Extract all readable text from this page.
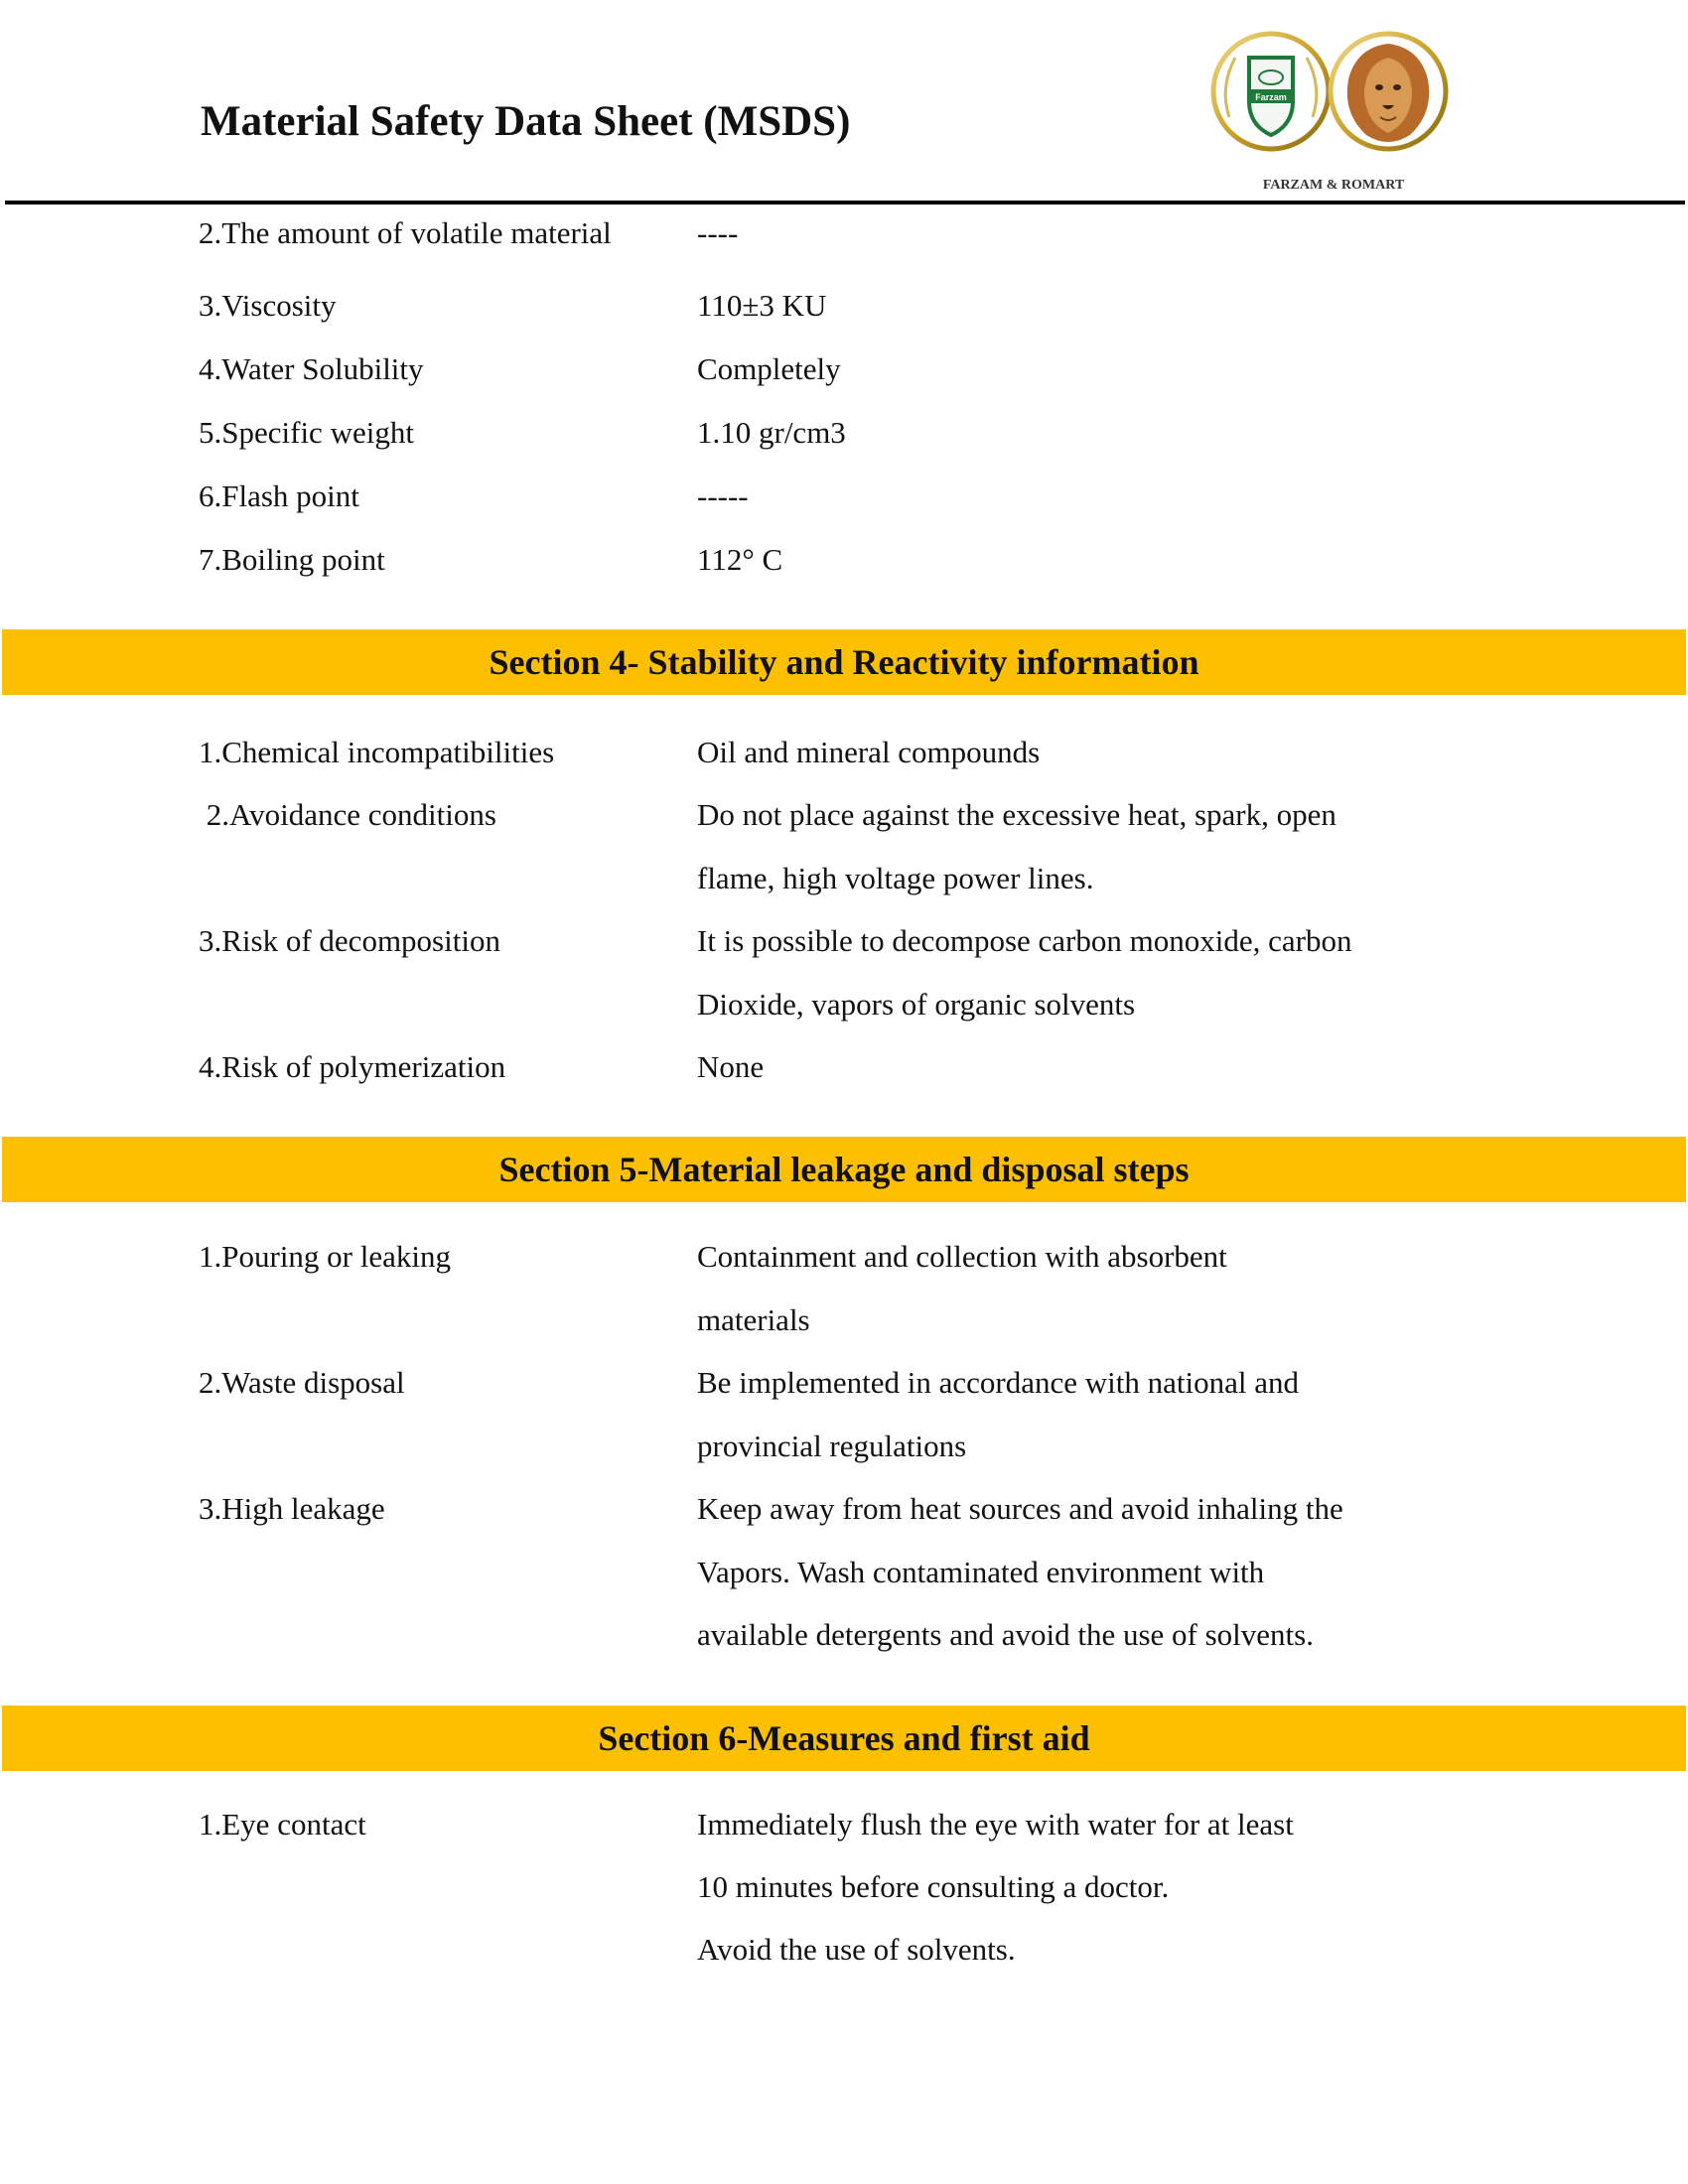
Material Safety Data Sheet (MSDS)
Farzam
FARZAM & ROMART
2.The amount of volatile material	----
3.Viscosity	110±3 KU
4.Water Solubility	Completely
5.Specific weight	1.10 gr/cm3
6.Flash point	-----
7.Boiling point	112° C
Section 4- Stability and Reactivity information
1.Chemical incompatibilities	Oil and mineral compounds
2.Avoidance conditions	Do not place against the excessive heat, spark, open
flame, high voltage power lines.
3.Risk of decomposition	It is possible to decompose carbon monoxide, carbon
Dioxide, vapors of organic solvents
4.Risk of polymerization	None
Section 5-Material leakage and disposal steps
1.Pouring or leaking	Containment and collection with absorbent
materials
2.Waste disposal	Be implemented in accordance with national and
provincial regulations
3.High leakage	Keep away from heat sources and avoid inhaling the
Vapors. Wash contaminated environment with
available detergents and avoid the use of solvents.
Section 6-Measures and first aid
1.Eye contact	Immediately flush the eye with water for at least
10 minutes before consulting a doctor.
Avoid the use of solvents.
